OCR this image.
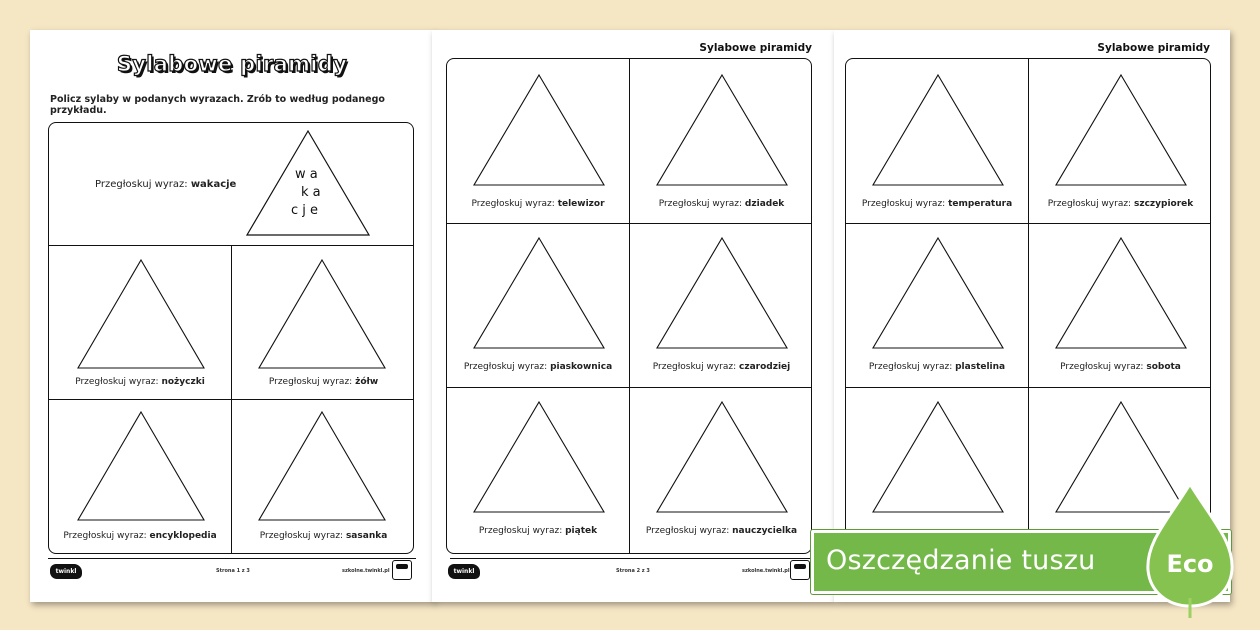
Sylabowe piramidy
Policz sylaby w podanych wyrazach. Zrób to według podanego przykładu.
Przegłoskuj wyraz: wakacje
w a
k a
c j e
Przegłoskuj wyraz: nożyczki	Przegłoskuj wyraz: żółw
Przegłoskuj wyraz: encyklopedia	Przegłoskuj wyraz: sasanka
twinkl	Strona 1 z 3	szkolne.twinkl.pl
Sylabowe piramidy
Przegłoskuj wyraz: telewizor	Przegłoskuj wyraz: dziadek
Przegłoskuj wyraz: piaskownica	Przegłoskuj wyraz: czarodziej
Przegłoskuj wyraz: piątek	Przegłoskuj wyraz: nauczycielka
twinkl	Strona 2 z 3	szkolne.twinkl.pl
Sylabowe piramidy
Przegłoskuj wyraz: temperatura	Przegłoskuj wyraz: szczypiorek
Przegłoskuj wyraz: plastelina	Przegłoskuj wyraz: sobota
Oszczędzanie tuszu	Eco
